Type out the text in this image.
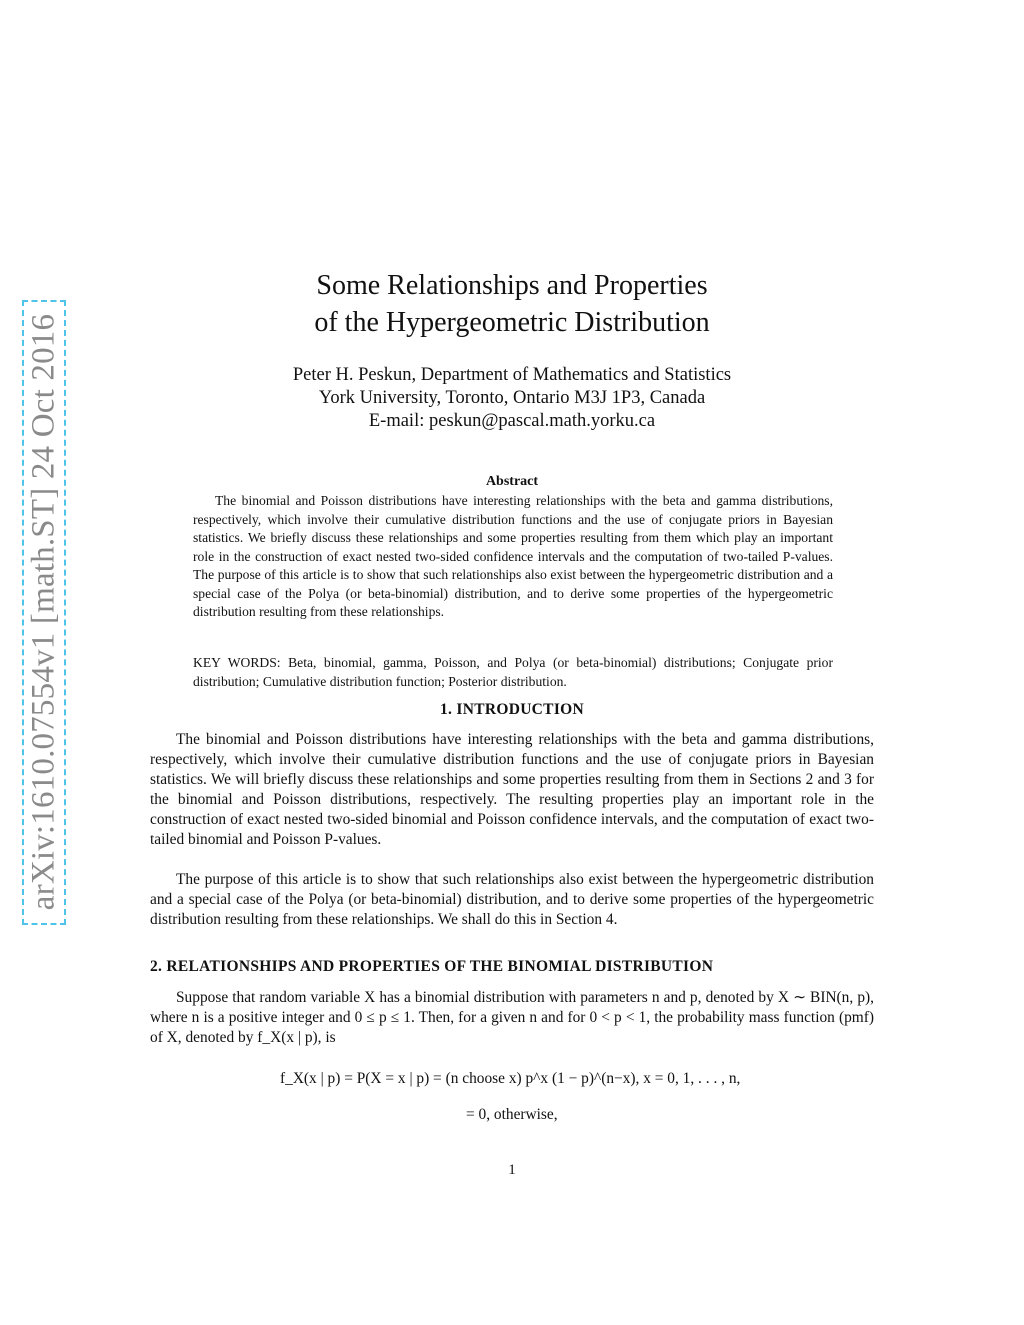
arXiv:1610.07554v1 [math.ST] 24 Oct 2016
Some Relationships and Properties
of the Hypergeometric Distribution
Peter H. Peskun, Department of Mathematics and Statistics
York University, Toronto, Ontario M3J 1P3, Canada
E-mail: peskun@pascal.math.yorku.ca
Abstract

The binomial and Poisson distributions have interesting relationships with the beta and gamma distributions, respectively, which involve their cumulative distribution functions and the use of conjugate priors in Bayesian statistics. We briefly discuss these relationships and some properties resulting from them which play an important role in the construction of exact nested two-sided confidence intervals and the computation of two-tailed P-values. The purpose of this article is to show that such relationships also exist between the hypergeometric distribution and a special case of the Polya (or beta-binomial) distribution, and to derive some properties of the hypergeometric distribution resulting from these relationships.

KEY WORDS: Beta, binomial, gamma, Poisson, and Polya (or beta-binomial) distributions; Conjugate prior distribution; Cumulative distribution function; Posterior distribution.

1. INTRODUCTION

The binomial and Poisson distributions have interesting relationships with the beta and gamma distributions, respectively, which involve their cumulative distribution functions and the use of conjugate priors in Bayesian statistics. We will briefly discuss these relationships and some properties resulting from them in Sections 2 and 3 for the binomial and Poisson distributions, respectively. The resulting properties play an important role in the construction of exact nested two-sided binomial and Poisson confidence intervals, and the computation of exact two-tailed binomial and Poisson P-values.

The purpose of this article is to show that such relationships also exist between the hypergeometric distribution and a special case of the Polya (or beta-binomial) distribution, and to derive some properties of the hypergeometric distribution resulting from these relationships. We shall do this in Section 4.

2. RELATIONSHIPS AND PROPERTIES OF THE BINOMIAL DISTRIBUTION

Suppose that random variable X has a binomial distribution with parameters n and p, denoted by X ∼ BIN(n, p), where n is a positive integer and 0 ≤ p ≤ 1. Then, for a given n and for 0 < p < 1, the probability mass function (pmf) of X, denoted by f_X(x | p), is

f_X(x | p) = P(X = x | p) = (n choose x) p^x (1 − p)^(n−x), x = 0, 1, . . . , n,
= 0, otherwise,
1
